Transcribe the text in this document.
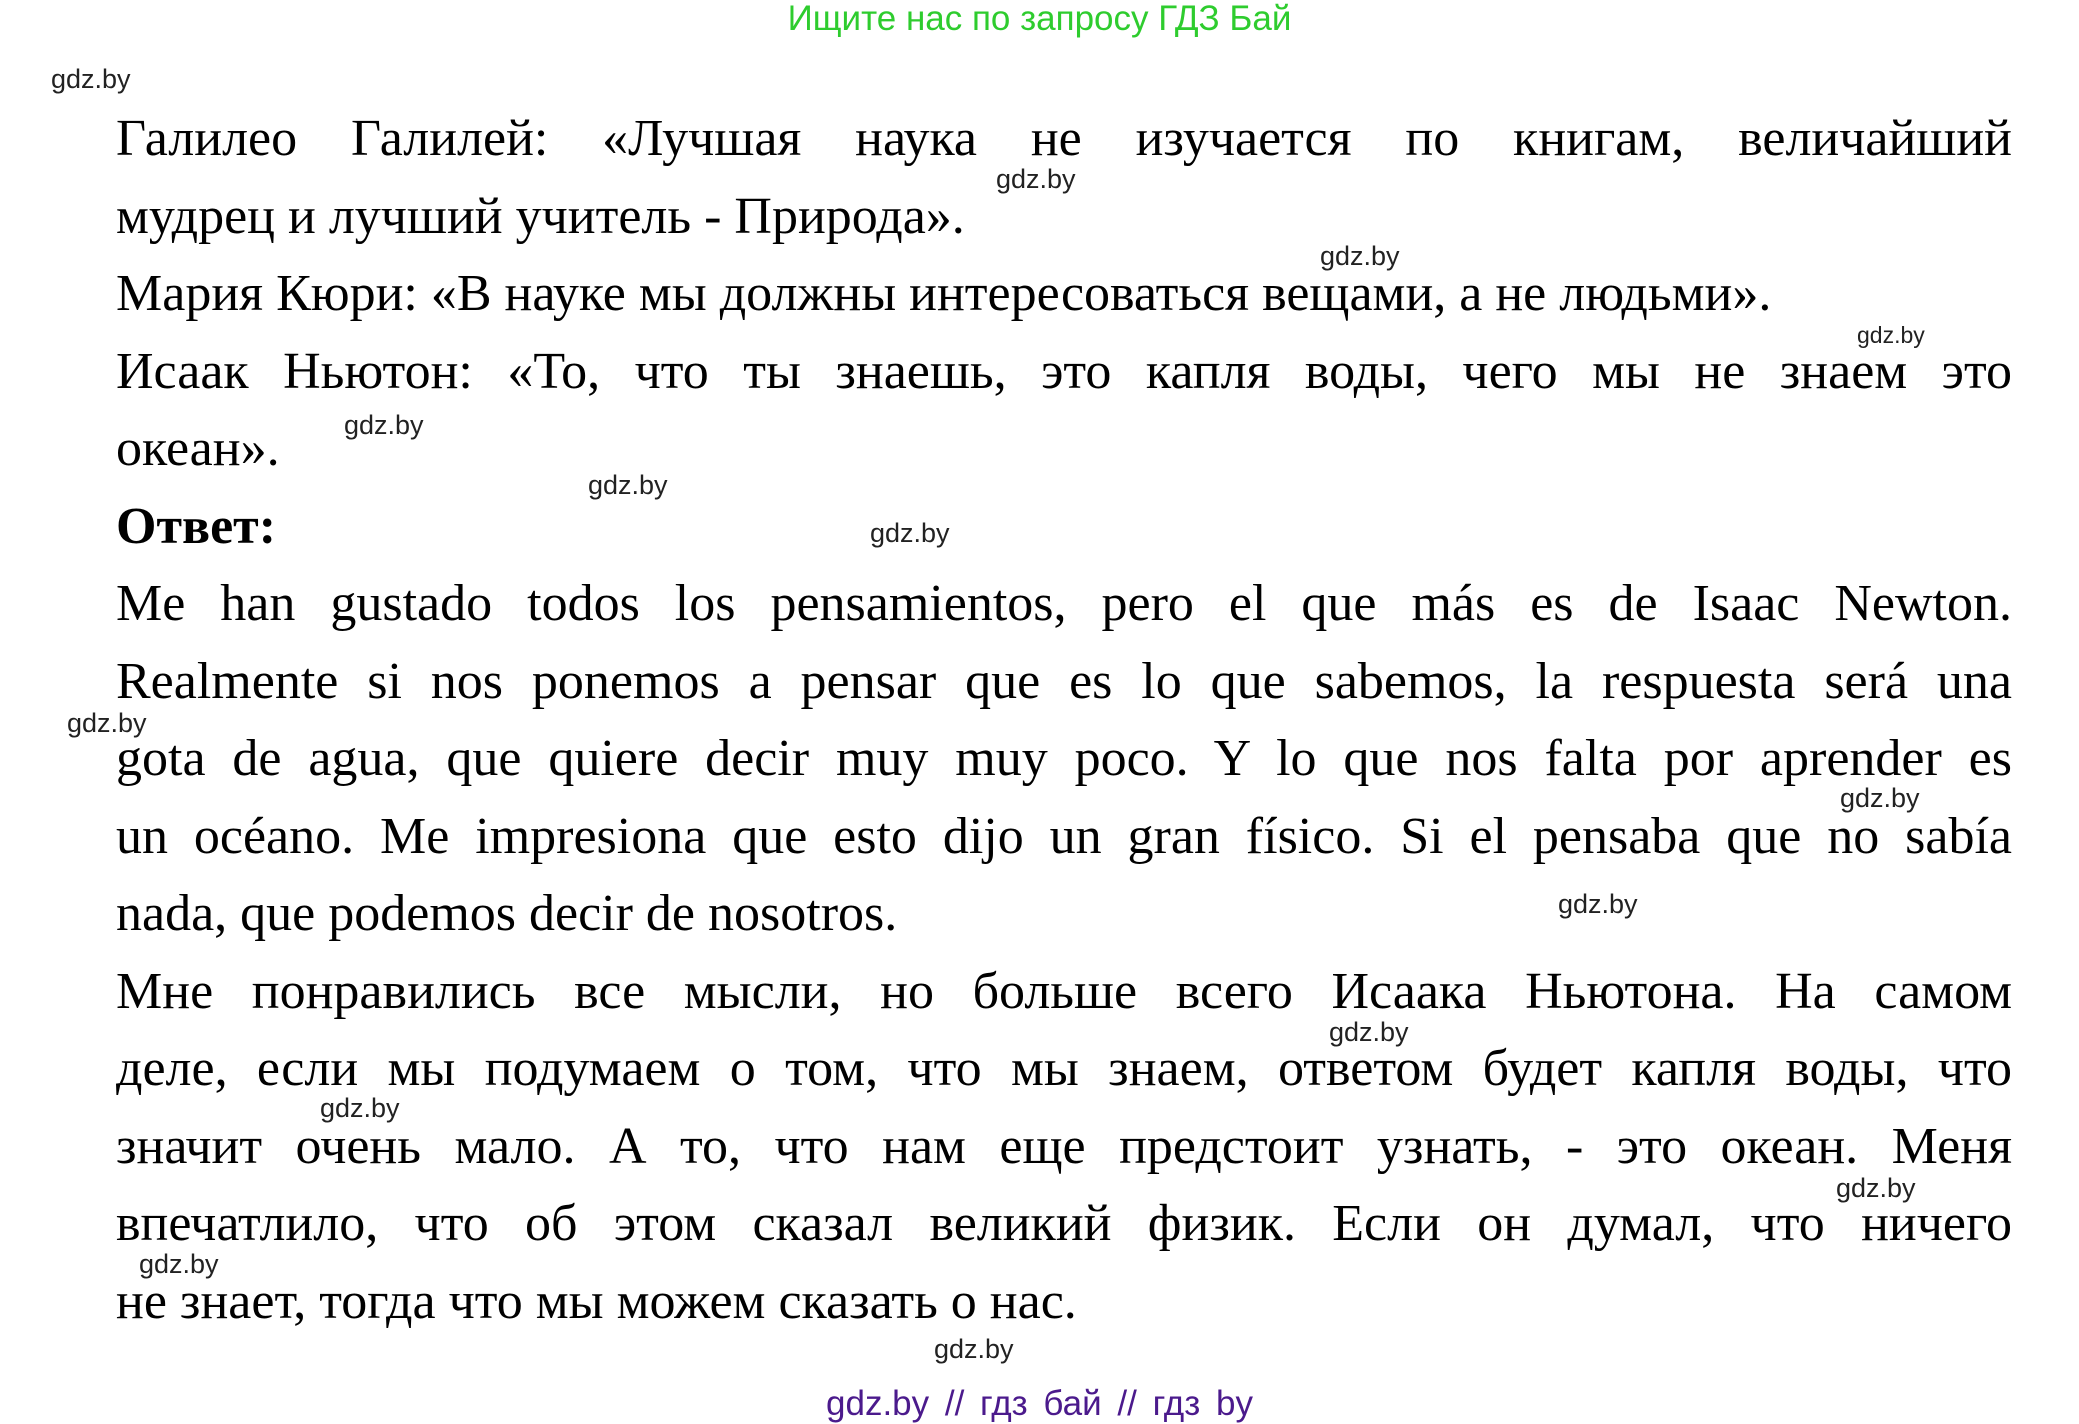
Ищите нас по запросу ГДЗ Бай
Галилео Галилей: «Лучшая наука не изучается по книгам, величайший
мудрец и лучший учитель - Природа».
Мария Кюри: «В науке мы должны интересоваться вещами, а не людьми».
Исаак Ньютон: «То, что ты знаешь, это капля воды, чего мы не знаем это
океан».
Ответ:
Me han gustado todos los pensamientos, pero el que más es de Isaac Newton.
Realmente si nos ponemos a pensar que es lo que sabemos, la respuesta será una
gota de agua, que quiere decir muy muy poco. Y lo que nos falta por aprender es
un océano. Me impresiona que esto dijo un gran físico. Si el pensaba que no sabía
nada, que podemos decir de nosotros.
Мне понравились все мысли, но больше всего Исаака Ньютона. На самом
деле, если мы подумаем о том, что мы знаем, ответом будет капля воды, что
значит очень мало. А то, что нам еще предстоит узнать, - это океан. Меня
впечатлило, что об этом сказал великий физик. Если он думал, что ничего
не знает, тогда что мы можем сказать о нас.
gdz.by
gdz.by
gdz.by
gdz.by
gdz.by
gdz.by
gdz.by
gdz.by
gdz.by
gdz.by
gdz.by
gdz.by
gdz.by
gdz.by
gdz.by
gdz.by // гдз бай // гдз by
